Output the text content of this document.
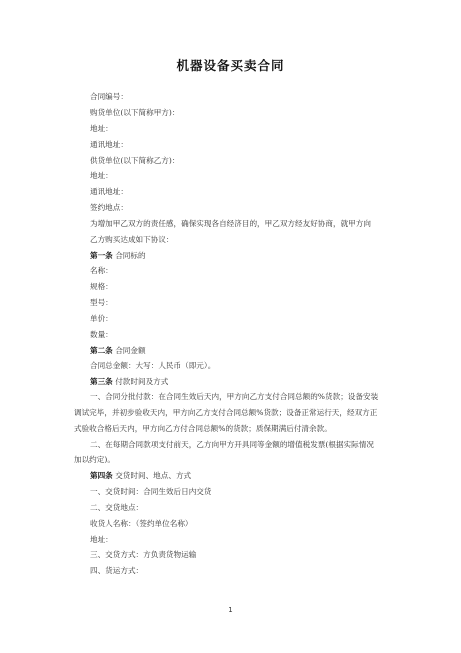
机器设备买卖合同
合同编号：
购货单位(以下简称甲方)：
地址：
通讯地址：
供货单位(以下简称乙方)：
地址：
通讯地址：
签约地点：
为增加甲乙双方的责任感，确保实现各自经济目的，甲乙双方经友好协商，就甲方向
乙方购买达成如下协议：
第一条 合同标的
名称：
规格：
型号：
单价：
数量：
第二条 合同金额
合同总金额：大写：人民币（即元）。
第三条 付款时间及方式
一、合同分批付款：在合同生效后天内，甲方向乙方支付合同总额的%货款；设备安装
调试完毕，并初步验收天内，甲方向乙方支付合同总额%货款；设备正常运行天，经双方正
式验收合格后天内，甲方向乙方付合同总额%的货款；质保期满后付清余款。
二、在每期合同款项支付前天，乙方向甲方开具同等金额的增值税发票(根据实际情况
加以约定)。
第四条 交货时间、地点、方式
一、交货时间：合同生效后日内交货
二、交货地点：
收货人名称：（签约单位名称）
地址：
三、交货方式：方负责货物运输
四、货运方式：
1
